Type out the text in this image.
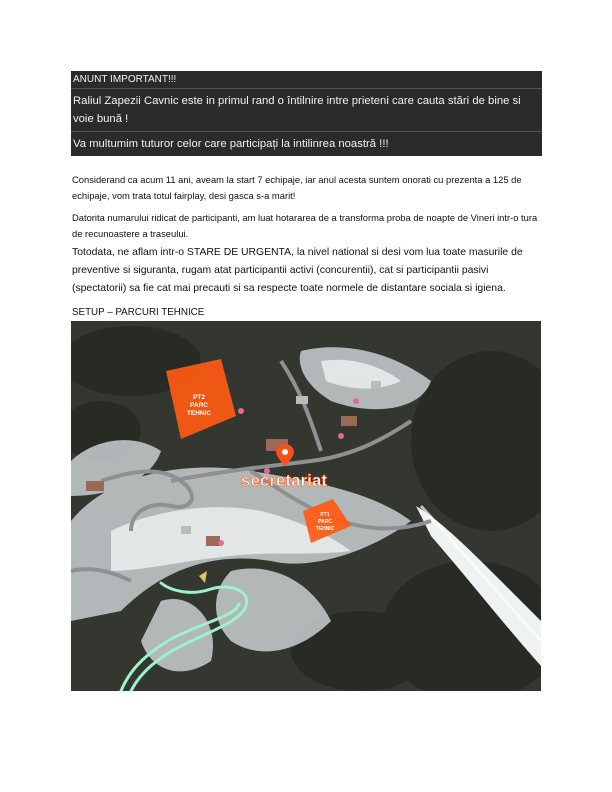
ANUNT IMPORTANT!!!
Raliul Zapezii Cavnic este in primul rand o întilnire intre prieteni care cauta stări de bine si voie bună !
Va multumim tuturor celor care participați la intilinrea noastră !!!
Considerand ca acum 11 ani, aveam la start 7 echipaje, iar anul acesta suntem onorati cu prezenta a 125 de echipaje, vom trata totul fairplay, desi gasca s-a marit!
Datorita numarului ridicat de participanti, am luat hotararea de a transforma proba de noapte de Vineri intr-o tura de recunoastere a traseului.
Totodata, ne aflam intr-o STARE DE URGENTA, la nivel national si desi vom lua toate masurile de preventive si siguranta, rugam atat participantii activi (concurentii), cat si participantii pasivi (spectatorii) sa fie cat mai precauti si sa respecte toate normele de distantare sociala si igiena.
SETUP – PARCURI TEHNICE
PT2
PARC
TEHNIC
PT1
PARC
TEHNIC
secretariat
